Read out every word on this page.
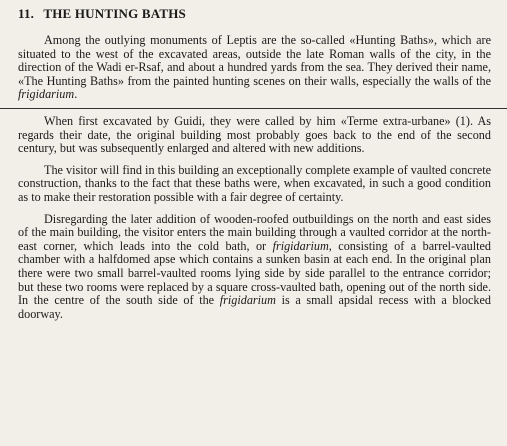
11. THE HUNTING BATHS

Among the outlying monuments of Leptis are the so-called «Hunting Baths», which are situated to the west of the excavated areas, outside the late Roman walls of the city, in the direction of the Wadi er-Rsaf, and about a hundred yards from the sea. They derived their name, «The Hunting Baths» from the painted hunting scenes on their walls, especially the walls of the frigidarium.

When first excavated by Guidi, they were called by him «Terme extra-urbane» (1). As regards their date, the original building most probably goes back to the end of the second century, but was subsequently enlarged and altered with new additions.

The visitor will find in this building an exceptionally complete example of vaulted concrete construction, thanks to the fact that these baths were, when excavated, in such a good condition as to make their restoration possible with a fair degree of certainty.

Disregarding the later addition of wooden-roofed outbuildings on the north and east sides of the main building, the visitor enters the main building through a vaulted corridor at the north-east corner, which leads into the cold bath, or frigidarium, consisting of a barrel-vaulted chamber with a halfdomed apse which contains a sunken basin at each end. In the original plan there were two small barrel-vaulted rooms lying side by side parallel to the entrance corridor; but these two rooms were replaced by a square cross-vaulted bath, opening out of the north side. In the centre of the south side of the frigidarium is a small apsidal recess with a blocked doorway.
